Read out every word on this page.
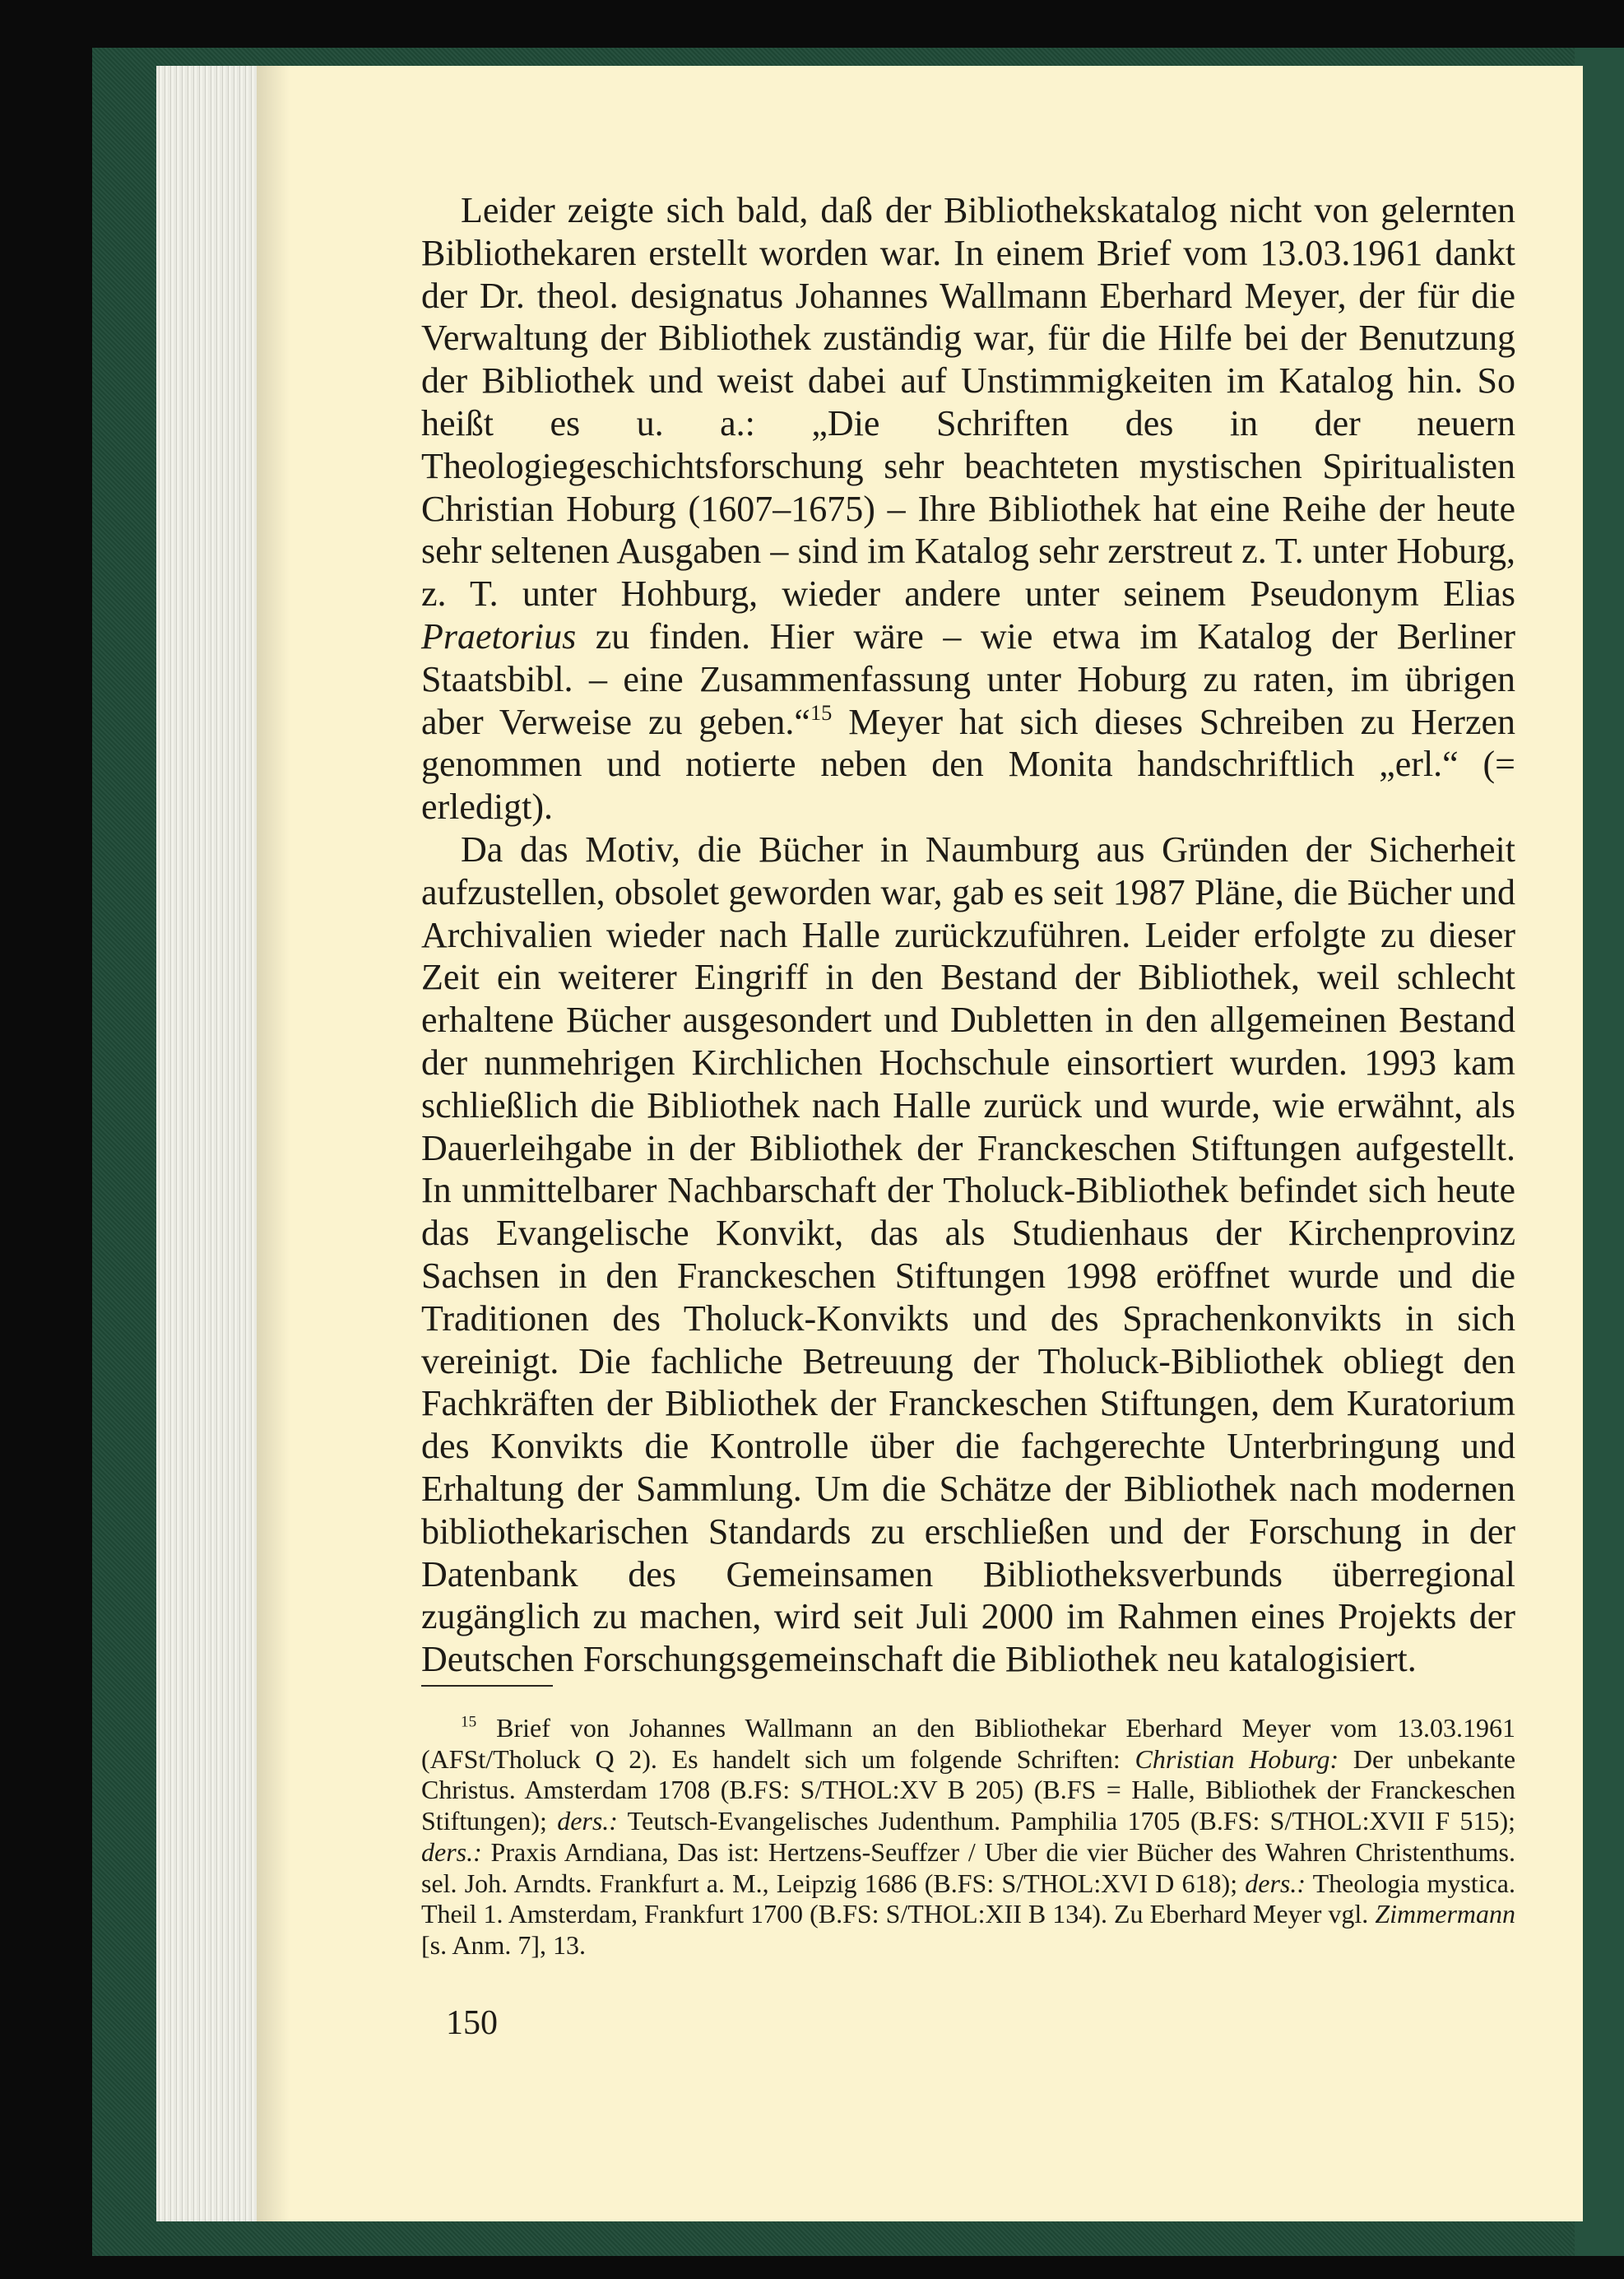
Leider zeigte sich bald, daß der Bibliothekskatalog nicht von gelernten Bibliothekaren erstellt worden war. In einem Brief vom 13.03.1961 dankt der Dr. theol. designatus Johannes Wallmann Eberhard Meyer, der für die Verwaltung der Bibliothek zuständig war, für die Hilfe bei der Benutzung der Bibliothek und weist dabei auf Unstimmigkeiten im Katalog hin. So heißt es u. a.: „Die Schriften des in der neuern Theologiegeschichtsforschung sehr beachteten mystischen Spiritualisten Christian Hoburg (1607–1675) – Ihre Bibliothek hat eine Reihe der heute sehr seltenen Ausgaben – sind im Katalog sehr zerstreut z. T. unter Hoburg, z. T. unter Hohburg, wieder andere unter seinem Pseudonym Elias Praetorius zu finden. Hier wäre – wie etwa im Katalog der Berliner Staatsbibl. – eine Zusammenfassung unter Hoburg zu raten, im übrigen aber Verweise zu geben.“$^{15}$ Meyer hat sich dieses Schreiben zu Herzen genommen und notierte neben den Monita handschriftlich „erl.“ (= erledigt).

Da das Motiv, die Bücher in Naumburg aus Gründen der Sicherheit aufzustellen, obsolet geworden war, gab es seit 1987 Pläne, die Bücher und Archivalien wieder nach Halle zurückzuführen. Leider erfolgte zu dieser Zeit ein weiterer Eingriff in den Bestand der Bibliothek, weil schlecht erhaltene Bücher ausgesondert und Dubletten in den allgemeinen Bestand der nunmehrigen Kirchlichen Hochschule einsortiert wurden. 1993 kam schließlich die Bibliothek nach Halle zurück und wurde, wie erwähnt, als Dauerleihgabe in der Bibliothek der Franckeschen Stiftungen aufgestellt. In unmittelbarer Nachbarschaft der Tholuck-Bibliothek befindet sich heute das Evangelische Konvikt, das als Studienhaus der Kirchenprovinz Sachsen in den Franckeschen Stiftungen 1998 eröffnet wurde und die Traditionen des Tholuck-Konvikts und des Sprachenkonvikts in sich vereinigt. Die fachliche Betreuung der Tholuck-Bibliothek obliegt den Fachkräften der Bibliothek der Franckeschen Stiftungen, dem Kuratorium des Konvikts die Kontrolle über die fachgerechte Unterbringung und Erhaltung der Sammlung. Um die Schätze der Bibliothek nach modernen bibliothekarischen Standards zu erschließen und der Forschung in der Datenbank des Gemeinsamen Bibliotheksverbunds überregional zugänglich zu machen, wird seit Juli 2000 im Rahmen eines Projekts der Deutschen Forschungsgemeinschaft die Bibliothek neu katalogisiert.

$^{15}$ Brief von Johannes Wallmann an den Bibliothekar Eberhard Meyer vom 13.03.1961 (AFSt/Tholuck Q 2). Es handelt sich um folgende Schriften: Christian Hoburg: Der unbekante Christus. Amsterdam 1708 (B.FS: S/THOL:XV B 205) (B.FS = Halle, Bibliothek der Franckeschen Stiftungen); ders.: Teutsch-Evangelisches Judenthum. Pamphilia 1705 (B.FS: S/THOL:XVII F 515); ders.: Praxis Arndiana, Das ist: Hertzens-Seuffzer / Uber die vier Bücher des Wahren Christenthums. sel. Joh. Arndts. Frankfurt a. M., Leipzig 1686 (B.FS: S/THOL:XVI D 618); ders.: Theologia mystica. Theil 1. Amsterdam, Frankfurt 1700 (B.FS: S/THOL:XII B 134). Zu Eberhard Meyer vgl. Zimmermann [s. Anm. 7], 13.

150
